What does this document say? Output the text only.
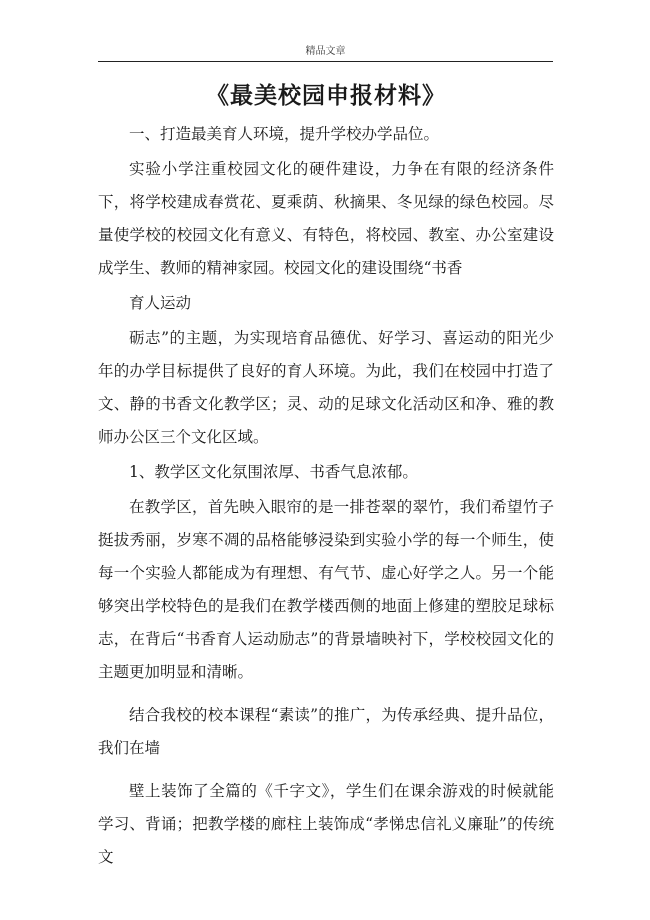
精品文章
《最美校园申报材料》

一、打造最美育人环境，提升学校办学品位。

实验小学注重校园文化的硬件建设，力争在有限的经济条件下，将学校建成春赏花、夏乘荫、秋摘果、冬见绿的绿色校园。尽量使学校的校园文化有意义、有特色，将校园、教室、办公室建设成学生、教师的精神家园。校园文化的建设围绕“书香

育人运动

砺志”的主题，为实现培育品德优、好学习、喜运动的阳光少年的办学目标提供了良好的育人环境。为此，我们在校园中打造了文、静的书香文化教学区；灵、动的足球文化活动区和净、雅的教师办公区三个文化区域。

1、教学区文化氛围浓厚、书香气息浓郁。

在教学区，首先映入眼帘的是一排苍翠的翠竹，我们希望竹子挺拔秀丽，岁寒不凋的品格能够浸染到实验小学的每一个师生，使每一个实验人都能成为有理想、有气节、虚心好学之人。另一个能够突出学校特色的是我们在教学楼西侧的地面上修建的塑胶足球标志，在背后“书香育人运动励志”的背景墙映衬下，学校校园文化的主题更加明显和清晰。

结合我校的校本课程“素读”的推广，为传承经典、提升品位，我们在墙

壁上装饰了全篇的《千字文》，学生们在课余游戏的时候就能学习、背诵；把教学楼的廊柱上装饰成“孝悌忠信礼义廉耻”的传统文
